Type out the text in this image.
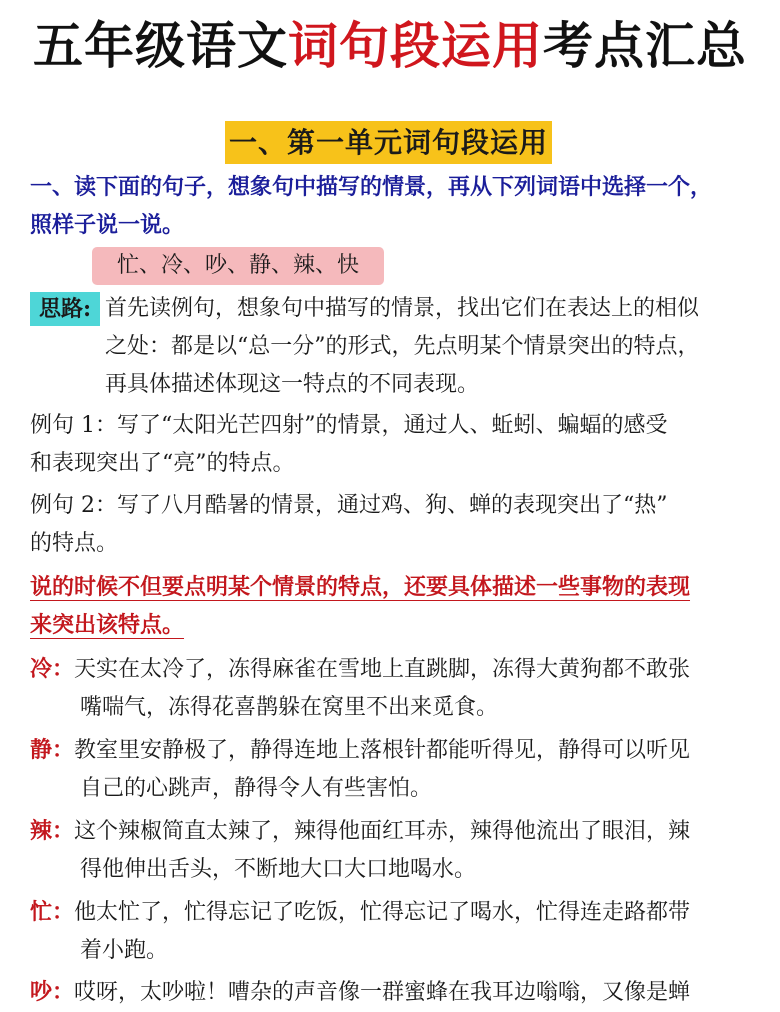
五年级语文词句段运用考点汇总
一、第一单元词句段运用
一、读下面的句子，想象句中描写的情景，再从下列词语中选择一个，
照样子说一说。
忙、冷、吵、静、辣、快
思路: 首先读例句，想象句中描写的情景，找出它们在表达上的相似
之处：都是以“总一分”的形式，先点明某个情景突出的特点，
再具体描述体现这一特点的不同表现。
例句 1：写了“太阳光芒四射”的情景，通过人、蚯蚓、蝙蝠的感受
和表现突出了“亮”的特点。
例句 2：写了八月酷暑的情景，通过鸡、狗、蝉的表现突出了“热”
的特点。
说的时候不但要点明某个情景的特点，还要具体描述一些事物的表现
来突出该特点。
冷：天实在太冷了，冻得麻雀在雪地上直跳脚，冻得大黄狗都不敢张
嘴喘气，冻得花喜鹊躲在窝里不出来觅食。
静：教室里安静极了，静得连地上落根针都能听得见，静得可以听见
自己的心跳声，静得令人有些害怕。
辣：这个辣椒简直太辣了，辣得他面红耳赤，辣得他流出了眼泪，辣
得他伸出舌头，不断地大口大口地喝水。
忙：他太忙了，忙得忘记了吃饭，忙得忘记了喝水，忙得连走路都带
着小跑。
吵：哎呀，太吵啦！嘈杂的声音像一群蜜蜂在我耳边嗡嗡，又像是蝉
